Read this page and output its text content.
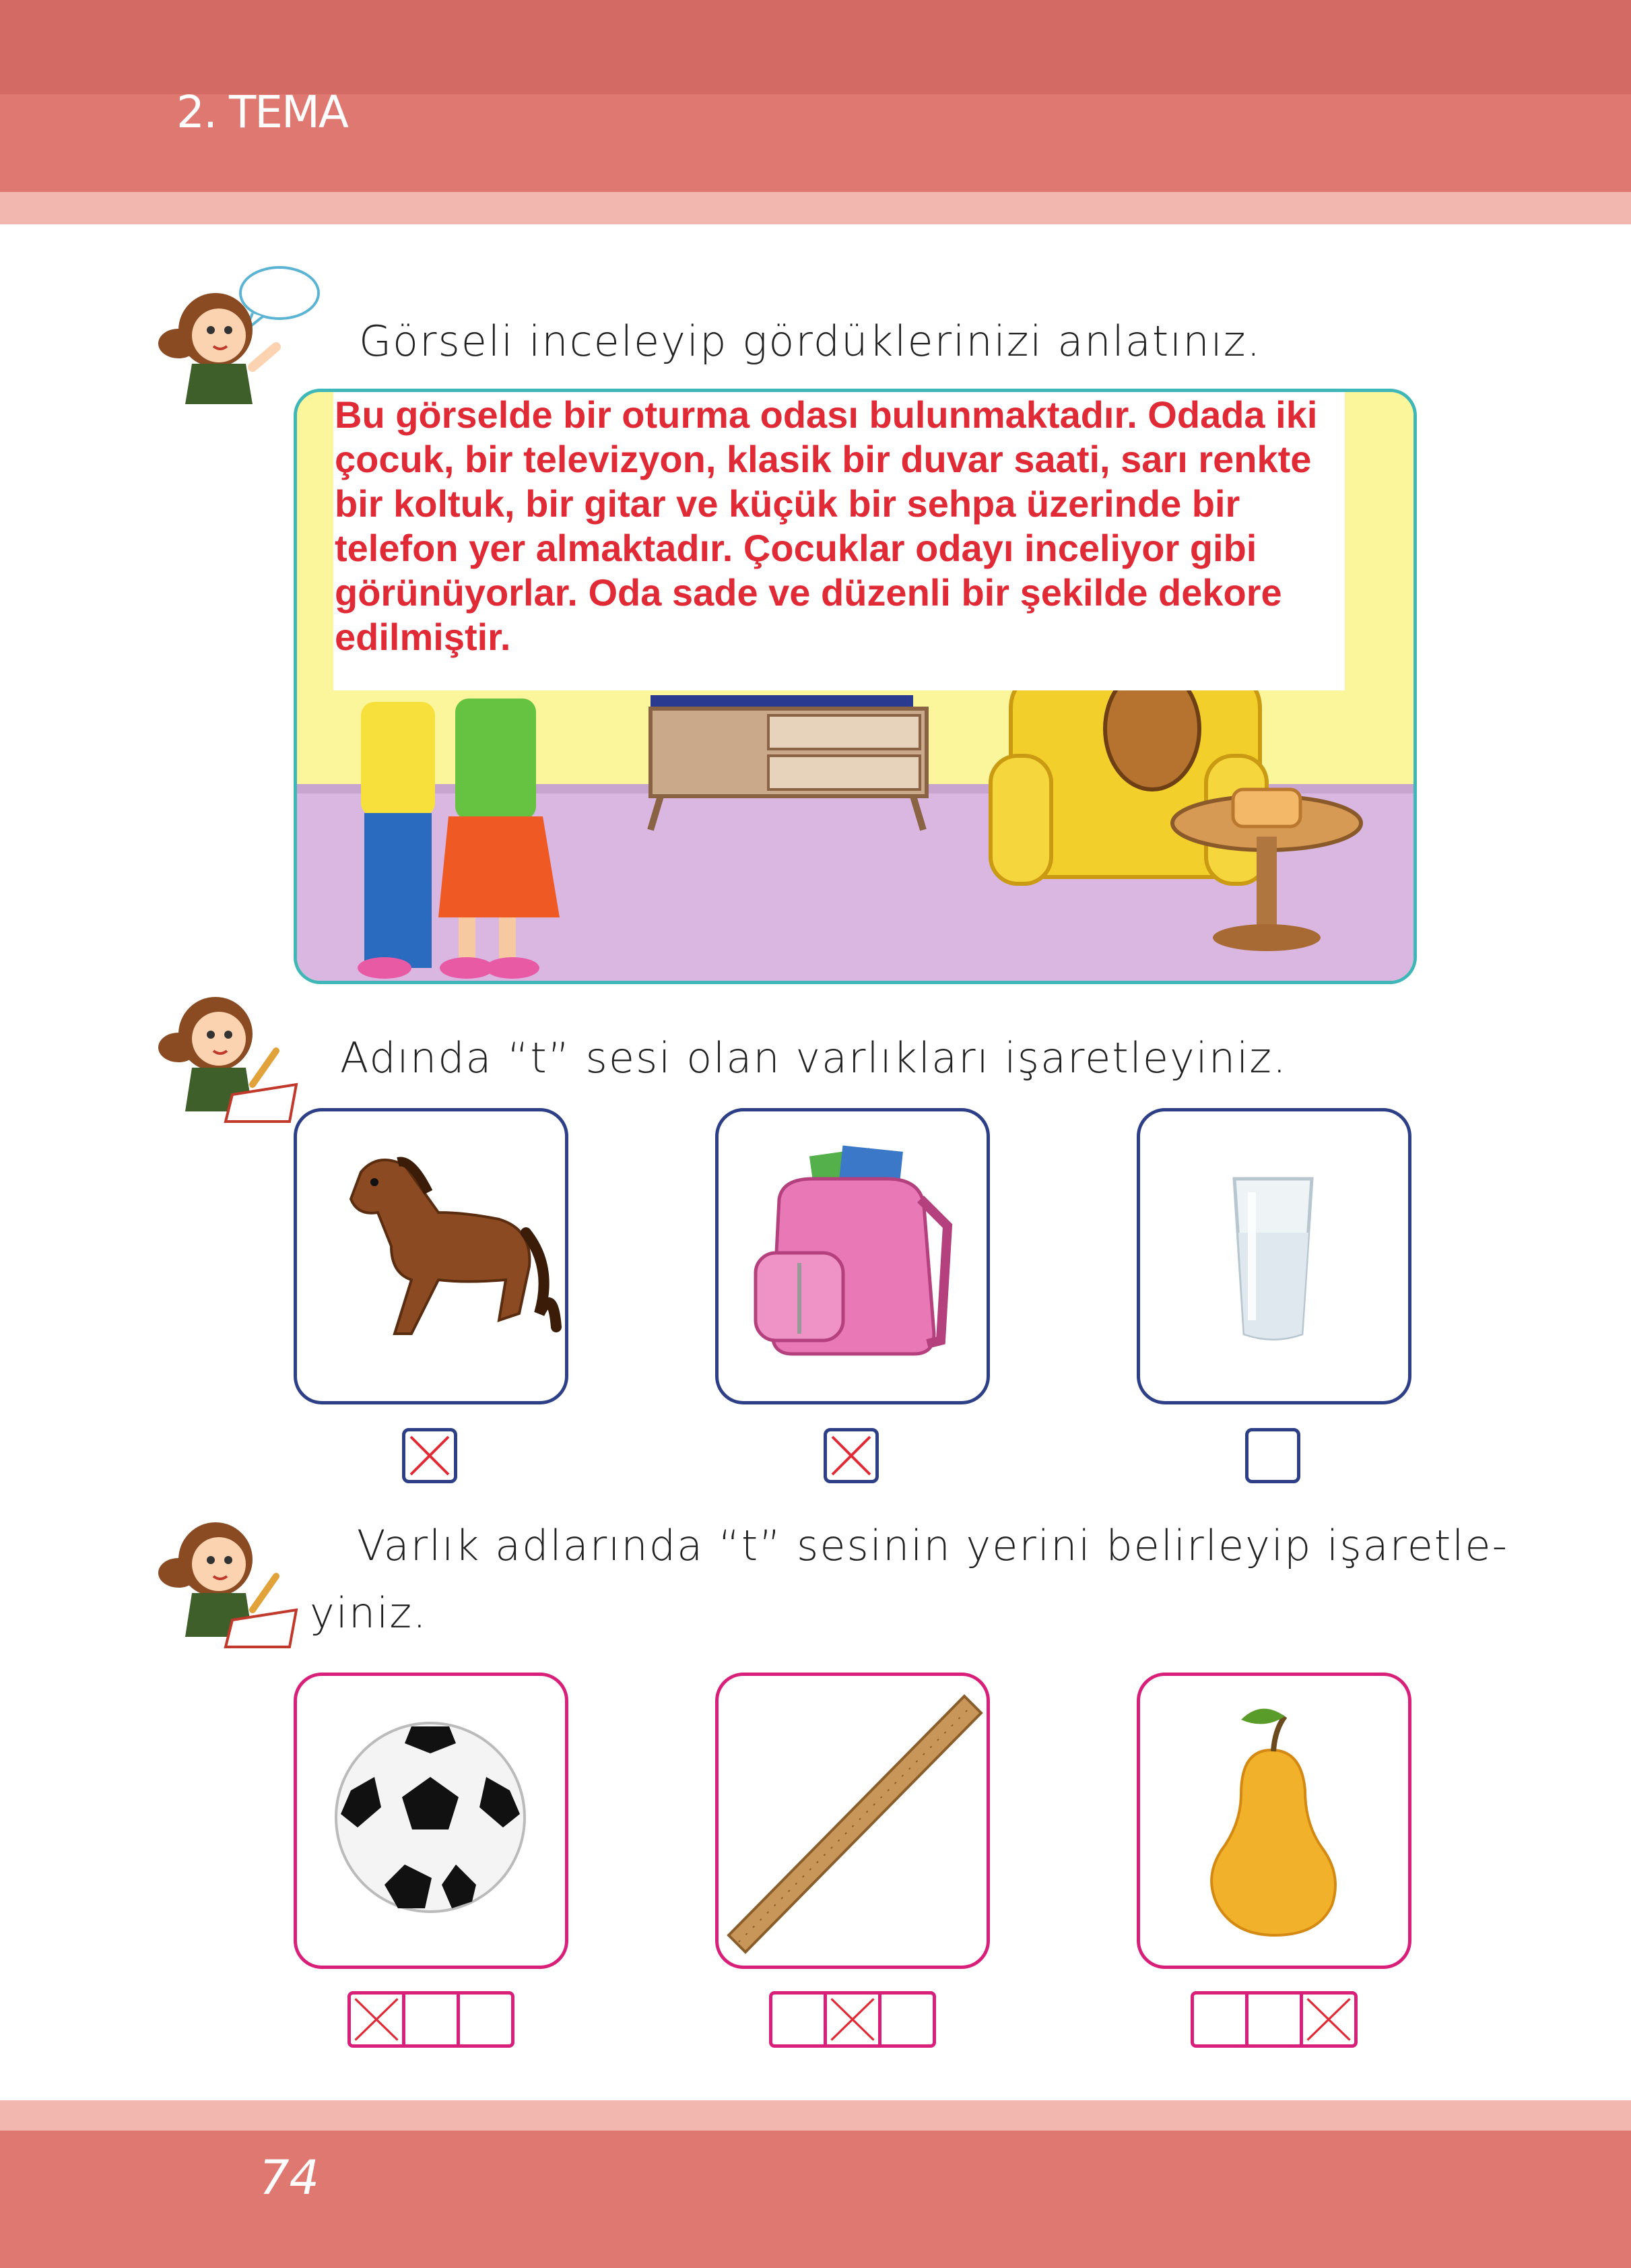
2. TEMA
Görseli inceleyip gördüklerinizi anlatınız.
Bu görselde bir oturma odası bulunmaktadır. Odada iki çocuk, bir televizyon, klasik bir duvar saati, sarı renkte bir koltuk, bir gitar ve küçük bir sehpa üzerinde bir telefon yer almaktadır. Çocuklar odayı inceliyor gibi görünüyorlar. Oda sade ve düzenli bir şekilde dekore edilmiştir.
Adında “t” sesi olan varlıkları işaretleyiniz.
Varlık adlarında “t” sesinin yerini belirleyip işaretle-
yiniz.
74
